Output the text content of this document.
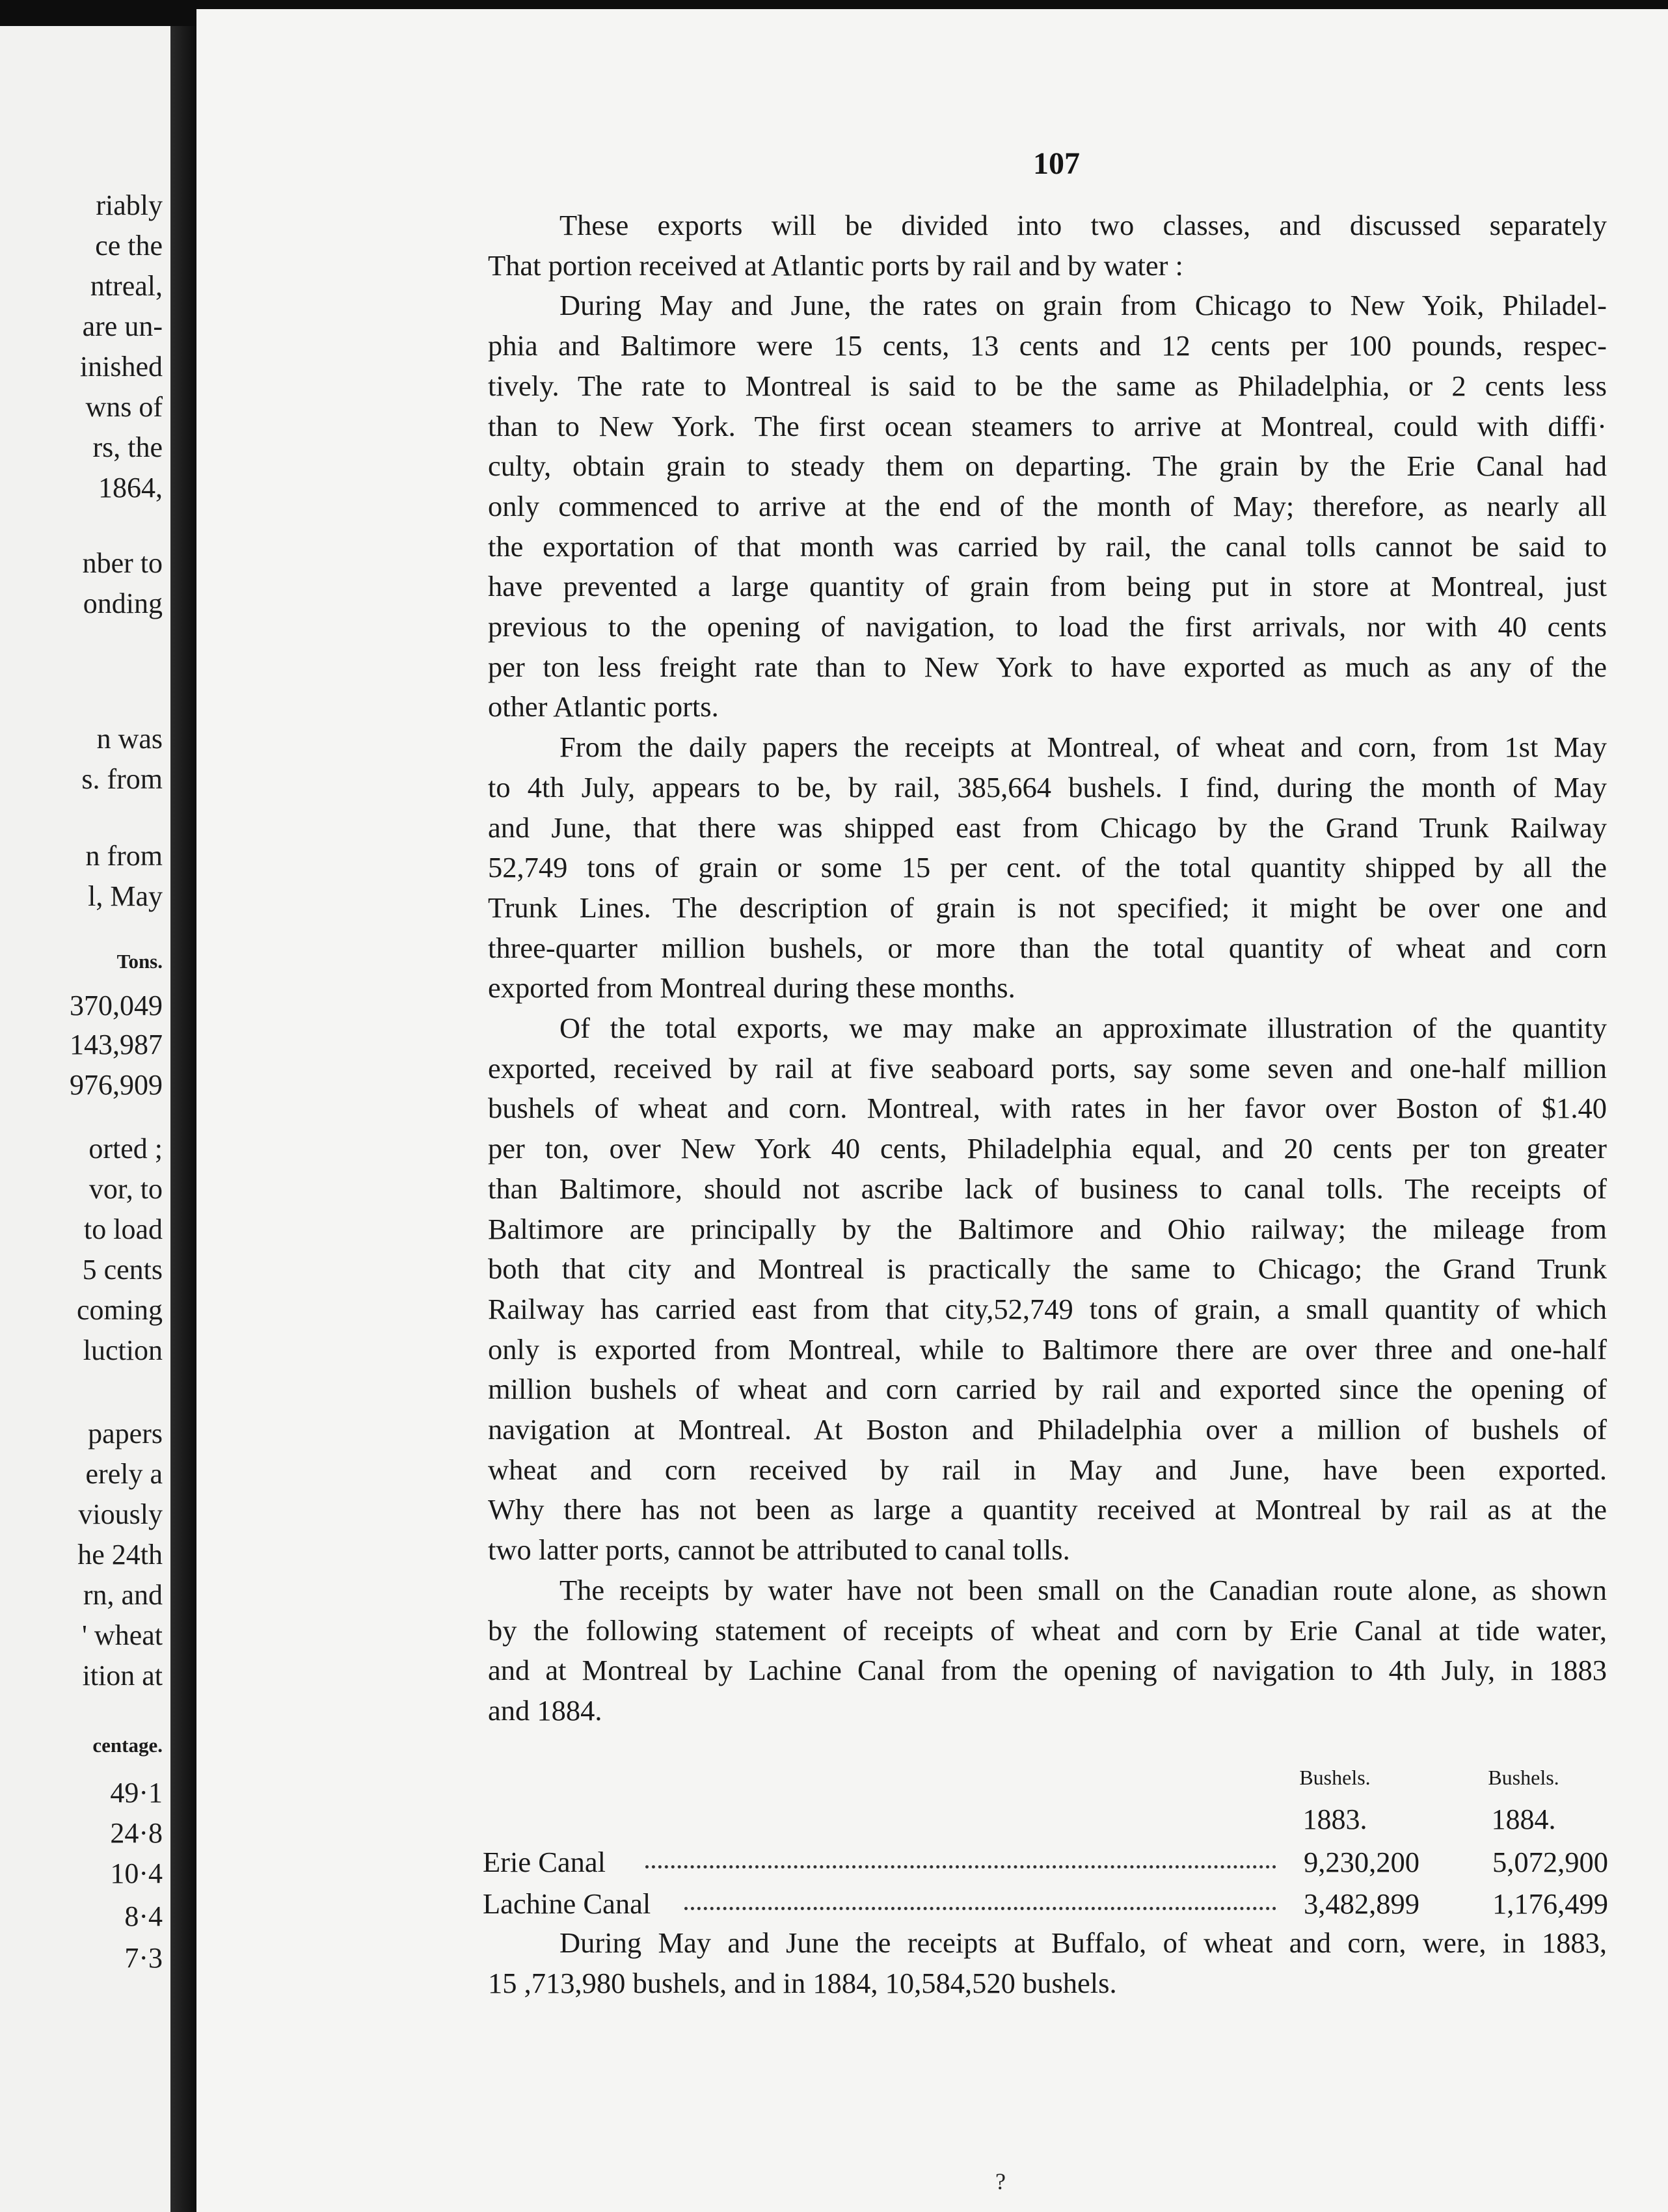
riably
ce the
ntreal,
are un-
inished
wns of
rs, the
1864,
nber to
onding
n was
s. from
n from
l, May
Tons.
370,049
143,987
976,909
orted ;
vor, to
to load
5 cents
coming
luction
papers
erely a
viously
he 24th
rn, and
' wheat
ition at
centage.
49·1
24·8
10·4
8·4
7·3
107
These exports will be divided into two classes, and discussed separately
That portion received at Atlantic ports by rail and by water :
During May and June, the rates on grain from Chicago to New Yoik, Philadel-
phia and Baltimore were 15 cents, 13 cents and 12 cents per 100 pounds, respec-
tively. The rate to Montreal is said to be the same as Philadelphia, or 2 cents less
than to New York. The first ocean steamers to arrive at Montreal, could with diffi·
culty, obtain grain to steady them on departing. The grain by the Erie Canal had
only commenced to arrive at the end of the month of May; therefore, as nearly all
the exportation of that month was carried by rail, the canal tolls cannot be said to
have prevented a large quantity of grain from being put in store at Montreal, just
previous to the opening of navigation, to load the first arrivals, nor with 40 cents
per ton less freight rate than to New York to have exported as much as any of the
other Atlantic ports.
From the daily papers the receipts at Montreal, of wheat and corn, from 1st May
to 4th July, appears to be, by rail, 385,664 bushels. I find, during the month of May
and June, that there was shipped east from Chicago by the Grand Trunk Railway
52,749 tons of grain or some 15 per cent. of the total quantity shipped by all the
Trunk Lines. The description of grain is not specified; it might be over one and
three-quarter million bushels, or more than the total quantity of wheat and corn
exported from Montreal during these months.
Of the total exports, we may make an approximate illustration of the quantity
exported, received by rail at five seaboard ports, say some seven and one-half million
bushels of wheat and corn. Montreal, with rates in her favor over Boston of $1.40
per ton, over New York 40 cents, Philadelphia equal, and 20 cents per ton greater
than Baltimore, should not ascribe lack of business to canal tolls. The receipts of
Baltimore are principally by the Baltimore and Ohio railway; the mileage from
both that city and Montreal is practically the same to Chicago; the Grand Trunk
Railway has carried east from that city,52,749 tons of grain, a small quantity of which
only is exported from Montreal, while to Baltimore there are over three and one-half
million bushels of wheat and corn carried by rail and exported since the opening of
navigation at Montreal. At Boston and Philadelphia over a million of bushels of
wheat and corn received by rail in May and June, have been exported.
Why there has not been as large a quantity received at Montreal by rail as at the
two latter ports, cannot be attributed to canal tolls.
The receipts by water have not been small on the Canadian route alone, as shown
by the following statement of receipts of wheat and corn by Erie Canal at tide water,
and at Montreal by Lachine Canal from the opening of navigation to 4th July, in 1883
and 1884.
Bushels.	Bushels.
1883.	1884.
Erie Canal	9,230,200	5,072,900
Lachine Canal	3,482,899	1,176,499
During May and June the receipts at Buffalo, of wheat and corn, were, in 1883,
15 ,713,980 bushels, and in 1884, 10,584,520 bushels.
?
